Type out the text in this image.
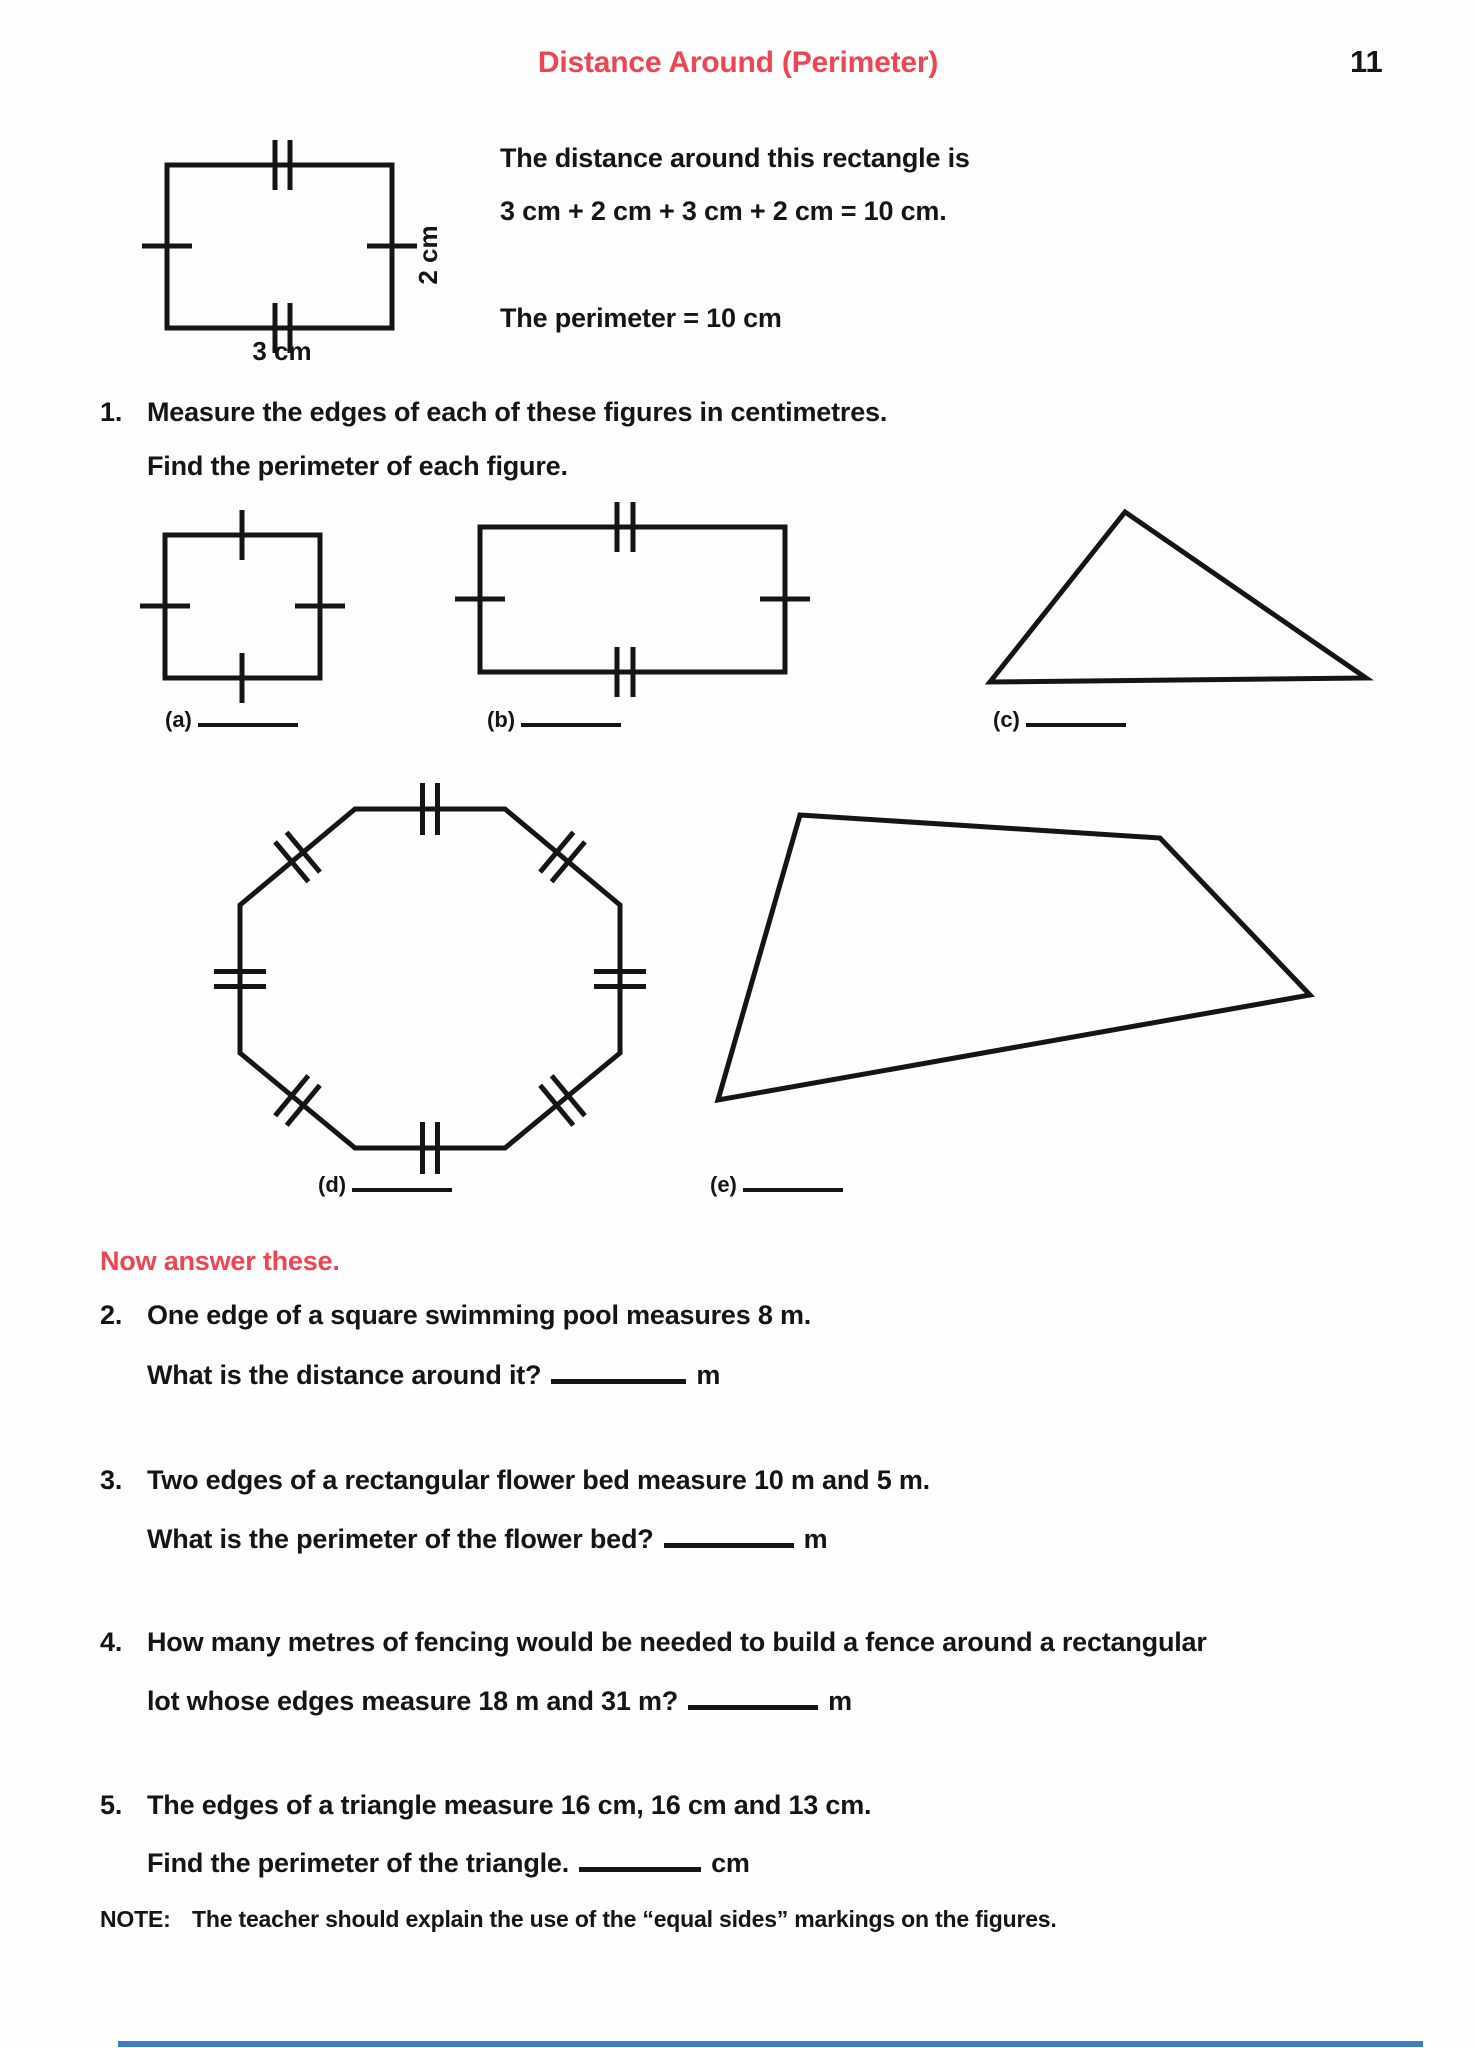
Distance Around (Perimeter)	11
2 cm
3 cm
The distance around this rectangle is
3 cm + 2 cm + 3 cm + 2 cm = 10 cm.
The perimeter = 10 cm
1. Measure the edges of each of these figures in centimetres.
Find the perimeter of each figure.
(a)	(b)	(c)
(d)	(e)
Now answer these.
2. One edge of a square swimming pool measures 8 m.
What is the distance around it?	m
3. Two edges of a rectangular flower bed measure 10 m and 5 m.
What is the perimeter of the flower bed?	m
4. How many metres of fencing would be needed to build a fence around a rectangular
lot whose edges measure 18 m and 31 m?	m
5. The edges of a triangle measure 16 cm, 16 cm and 13 cm.
Find the perimeter of the triangle.	cm
NOTE: The teacher should explain the use of the “equal sides” markings on the figures.
